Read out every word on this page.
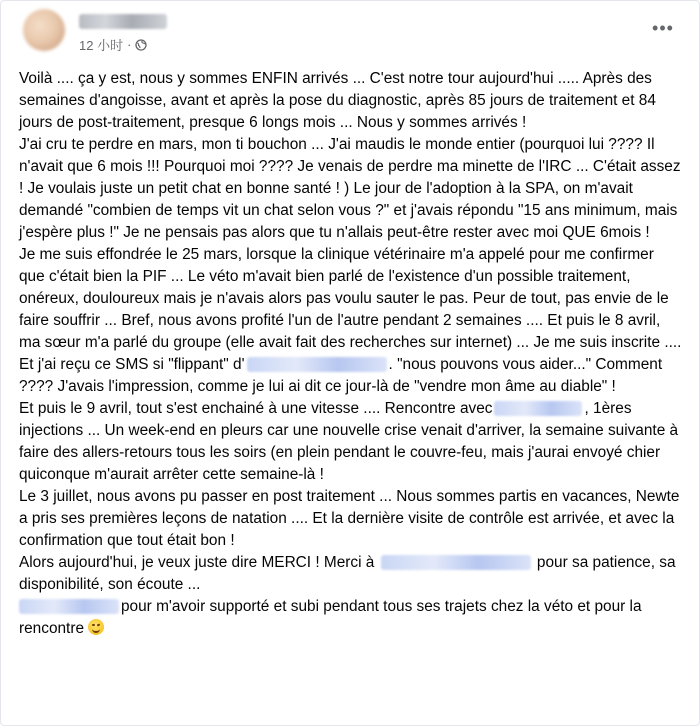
12 小时 ·
•••

Voilà .... ça y est, nous y sommes ENFIN arrivés ... C'est notre tour aujourd'hui ..... Après des semaines d'angoisse, avant et après la pose du diagnostic, après 85 jours de traitement et 84 jours de post-traitement, presque 6 longs mois ... Nous y sommes arrivés !

J'ai cru te perdre en mars, mon ti bouchon ... J'ai maudis le monde entier (pourquoi lui ???? Il n'avait que 6 mois !!! Pourquoi moi ???? Je venais de perdre ma minette de l'IRC ... C'était assez ! Je voulais juste un petit chat en bonne santé ! ) Le jour de l'adoption à la SPA, on m'avait demandé "combien de temps vit un chat selon vous ?" et j'avais répondu "15 ans minimum, mais j'espère plus !" Je ne pensais pas alors que tu n'allais peut-être rester avec moi QUE 6mois !

Je me suis effondrée le 25 mars, lorsque la clinique vétérinaire m'a appelé pour me confirmer que c'était bien la PIF ... Le véto m'avait bien parlé de l'existence d'un possible traitement, onéreux, douloureux mais je n'avais alors pas voulu sauter le pas. Peur de tout, pas envie de le faire souffrir ... Bref, nous avons profité l'un de l'autre pendant 2 semaines .... Et puis le 8 avril, ma sœur m'a parlé du groupe (elle avait fait des recherches sur internet) ... Je me suis inscrite .... Et j'ai reçu ce SMS si "flippant" d'	. "nous pouvons vous aider..." Comment ???? J'avais l'impression, comme je lui ai dit ce jour-là de "vendre mon âme au diable" !

Et puis le 9 avril, tout s'est enchainé à une vitesse .... Rencontre avec	, 1ères injections ... Un week-end en pleurs car une nouvelle crise venait d'arriver, la semaine suivante à faire des allers-retours tous les soirs (en plein pendant le couvre-feu, mais j'aurai envoyé chier quiconque m'aurait arrêter cette semaine-là !

Le 3 juillet, nous avons pu passer en post traitement ... Nous sommes partis en vacances, Newte a pris ses premières leçons de natation .... Et la dernière visite de contrôle est arrivée, et avec la confirmation que tout était bon !

Alors aujourd'hui, je veux juste dire MERCI ! Merci à	pour sa patience, sa disponibilité, son écoute ...

pour m'avoir supporté et subi pendant tous ses trajets chez la véto et pour la rencontre
